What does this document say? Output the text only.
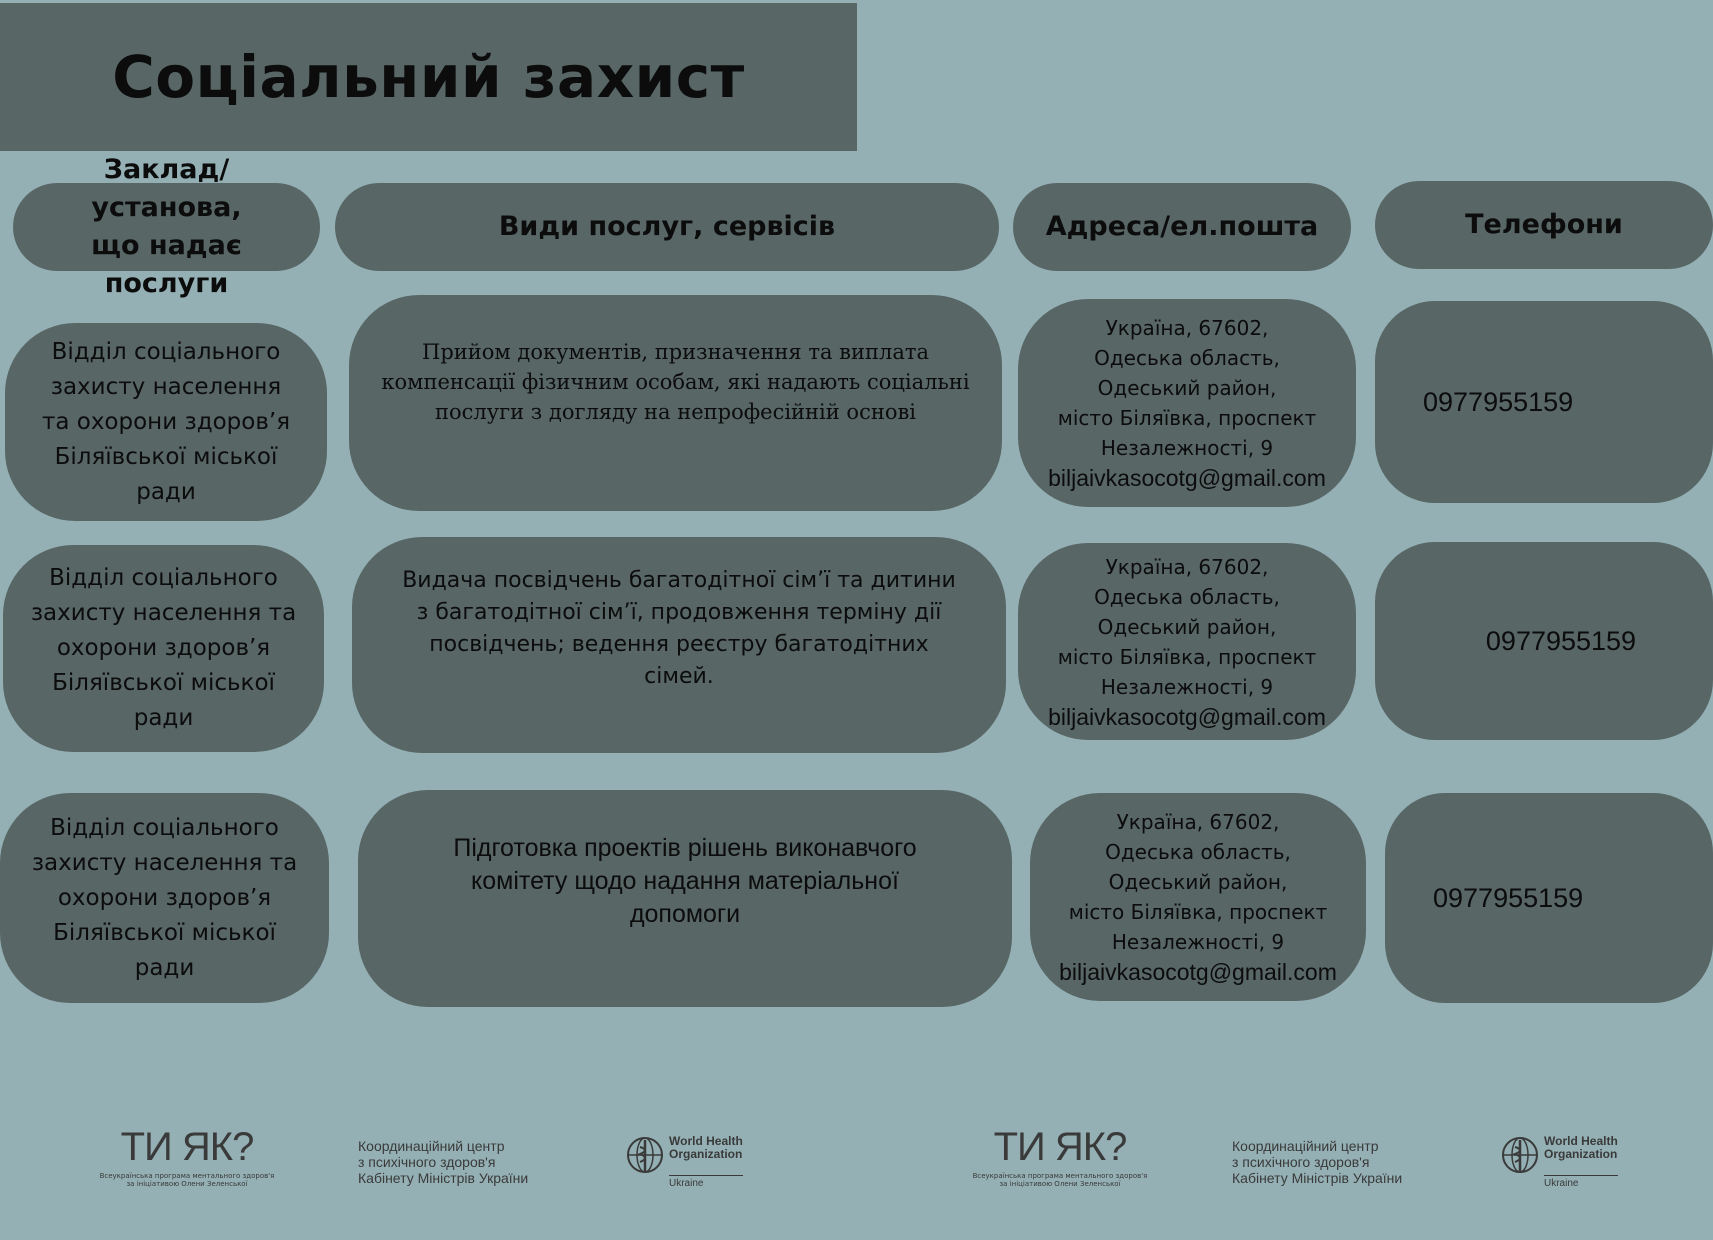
Соціальний захист
Заклад/установа,
що надає послуги
Види послуг, сервісів	Адреса/ел.пошта	Телефони
Відділ соціального
захисту населення
та охорони здоров’я
Біляївської міської
ради
Прийом документів, призначення та виплата
компенсації фізичним особам, які надають соціальні
послуги з догляду на непрофесійній основі
Україна, 67602,
Одеська область,
Одеський район,
місто Біляївка, проспект
Незалежності, 9
biljaivkasocotg@gmail.com
0977955159
Відділ соціального
захисту населення та
охорони здоров’я
Біляївської міської
ради
Видача посвідчень багатодітної сім’ї та дитини
з багатодітної сім’ї, продовження терміну дії
посвідчень; ведення реєстру багатодітних
сімей.
Україна, 67602,
Одеська область,
Одеський район,
місто Біляївка, проспект
Незалежності, 9
biljaivkasocotg@gmail.com
0977955159
Відділ соціального
захисту населення та
охорони здоров’я
Біляївської міської
ради
Підготовка проектів рішень виконавчого
комітету щодо надання матеріальної
допомоги
Україна, 67602,
Одеська область,
Одеський район,
місто Біляївка, проспект
Незалежності, 9
biljaivkasocotg@gmail.com
0977955159
ТИ ЯК?
Всеукраїнська програма ментального здоров'я
за ініціативою Олени Зеленської
Координаційний центр
з психічного здоров'я
Кабінету Міністрів України
World Health
Organization
Ukraine
ТИ ЯК?
Всеукраїнська програма ментального здоров'я
за ініціативою Олени Зеленської
Координаційний центр
з психічного здоров'я
Кабінету Міністрів України
World Health
Organization
Ukraine
